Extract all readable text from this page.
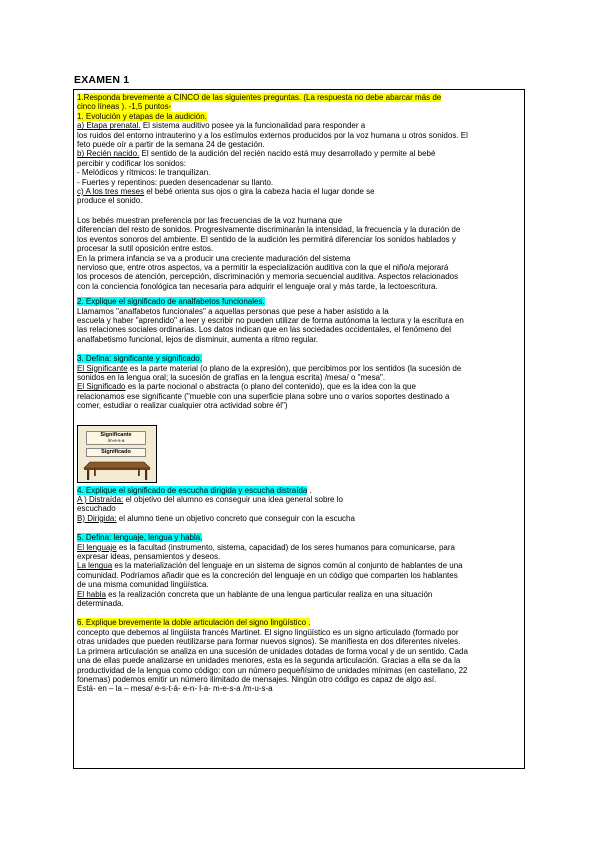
EXAMEN 1

1.Responda brevemente a CINCO de las siguientes preguntas. (La respuesta no debe abarcar más de

cinco líneas ). -1,5 puntos-

1. Evolución y etapas de la audición.

a) Etapa prenatal. El sistema auditivo posee ya la funcionalidad para responder a

los ruidos del entorno intrauterino y a los estímulos externos producidos por la voz humana u otros sonidos. El

feto puede oír a partir de la semana 24 de gestación.

b) Recién nacido. El sentido de la audición del recién nacido está muy desarrollado y permite al bebé

percibir y codificar los sonidos:

- Melódicos y rítmicos: le tranquilizan.

- Fuertes y repentinos: pueden desencadenar su llanto.

c) A los tres meses el bebé orienta sus ojos o gira la cabeza hacia el lugar donde se

produce el sonido.

Los bebés muestran preferencia por las frecuencias de la voz humana que

diferencian del resto de sonidos. Progresivamente discriminarán la intensidad, la frecuencia y la duración de

los eventos sonoros del ambiente. El sentido de la audición les permitirá diferenciar los sonidos hablados y

procesar la sutil oposición entre estos.

En la primera infancia se va a producir una creciente maduración del sistema

nervioso que, entre otros aspectos, va a permitir la especialización auditiva con la que el niño/a mejorará

los procesos de atención, percepción, discriminación y memoria secuencial auditiva. Aspectos relacionados

con la conciencia fonológica tan necesaria para adquirir el lenguaje oral y más tarde, la lectoescritura.

2. Explique el significado de analfabetos funcionales.

Llamamos "analfabetos funcionales" a aquellas personas que pese a haber asistido a la

escuela y haber "aprendido" a leer y escribir no pueden utilizar de forma autónoma la lectura y la escritura en

las relaciones sociales ordinarias. Los datos indican que en las sociedades occidentales, el fenómeno del

analfabetismo funcional, lejos de disminuir, aumenta a ritmo regular.

3. Defina: significante y significado.

El Significante es la parte material (o plano de la expresión), que percibimos por los sentidos (la sucesión de

sonidos en la lengua oral; la sucesión de grafías en la lengua escrita) /mesa/ o "mesa".

El Significado es la parte nocional o abstracta (o plano del contenido), que es la idea con la que

relacionamos ese significante ("mueble con una superficie plana sobre uno o varios soportes destinado a

comer, estudiar o realizar cualquier otra actividad sobre él")

Significante
/m-e-s-a
Significado

4. Explique el significado de escucha dirigida y escucha distraída .

A ) Distraída: el objetivo del alumno es conseguir una idea general sobre lo

escuchado

B) Dirigida: el alumno tiene un objetivo concreto que conseguir con la escucha

5. Defina: lenguaje, lengua y habla.

El lenguaje es la facultad (instrumento, sistema, capacidad) de los seres humanos para comunicarse, para

expresar ideas, pensamientos y deseos.

La lengua es la materialización del lenguaje en un sistema de signos común al conjunto de hablantes de una

comunidad. Podríamos añadir que es la concreción del lenguaje en un código que comparten los hablantes

de una misma comunidad lingüística.

El habla es la realización concreta que un hablante de una lengua particular realiza en una situación

determinada.

6. Explique brevemente la doble articulación del signo lingüístico .

concepto que debemos al lingüista francés Martinet. El signo lingüístico es un signo articulado (formado por

otras unidades que pueden reutilizarse para formar nuevos signos). Se manifiesta en dos diferentes niveles.

La primera articulación se analiza en una sucesión de unidades dotadas de forma vocal y de un sentido. Cada

una de ellas puede analizarse en unidades menores, esta es la segunda articulación. Gracias a ella se da la

productividad de la lengua como código: con un número pequeñísimo de unidades mínimas (en castellano, 22

fonemas) podemos emitir un número ilimitado de mensajes. Ningún otro código es capaz de algo así.

Está- en – la – mesa/ e-s-t-á- e-n- l-a- m-e-s-a /m-u-s-a
